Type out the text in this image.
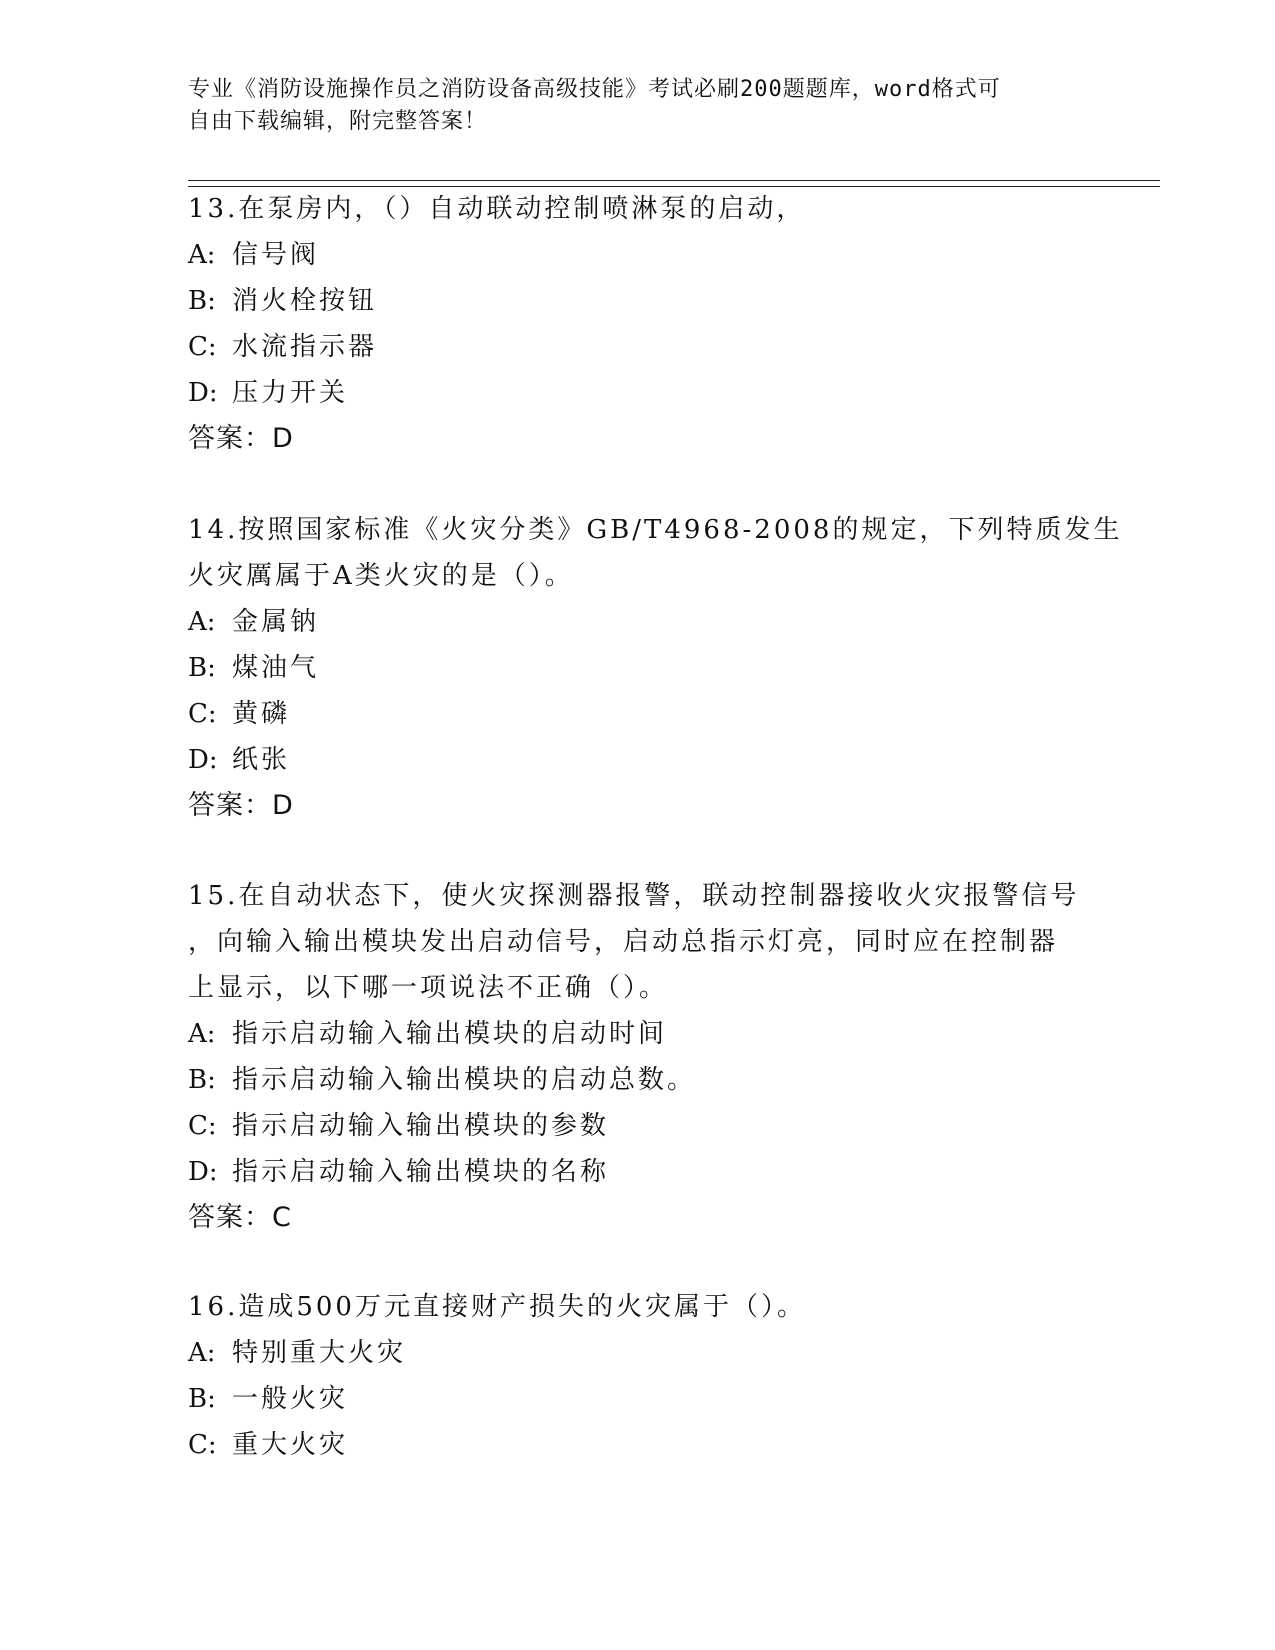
专业《消防设施操作员之消防设备高级技能》考试必刷200题题库，word格式可
自由下载编辑，附完整答案！
13.在泵房内，（）自动联动控制喷淋泵的启动，
A: 信号阀
B: 消火栓按钮
C: 水流指示器
D: 压力开关
答案：D
14.按照国家标准《火灾分类》GB/T4968-2008的规定，下列特质发生
火灾厲属于A类火灾的是（）。
A: 金属钠
B: 煤油气
C: 黄磷
D: 纸张
答案：D
15.在自动状态下，使火灾探测器报警，联动控制器接收火灾报警信号
，向输入输出模块发出启动信号，启动总指示灯亮，同时应在控制器
上显示，以下哪一项说法不正确（）。
A: 指示启动输入输出模块的启动时间
B: 指示启动输入输出模块的启动总数。
C: 指示启动输入输出模块的参数
D: 指示启动输入输出模块的名称
答案：C
16.造成500万元直接财产损失的火灾属于（）。
A: 特别重大火灾
B: 一般火灾
C: 重大火灾
